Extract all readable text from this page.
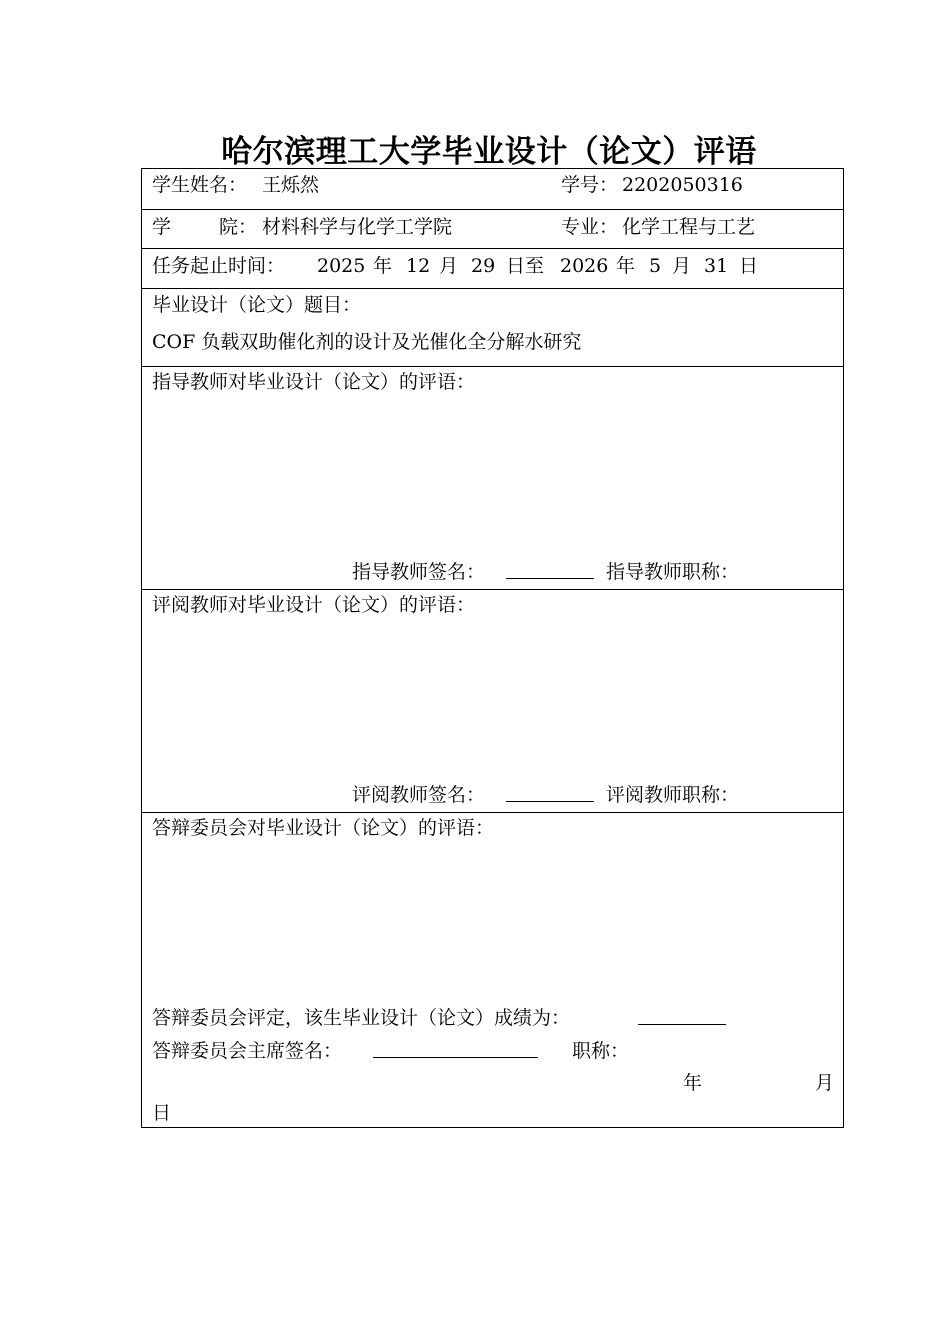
哈尔滨理工大学毕业设计（论文）评语
学生姓名： 王烁然	学号： 2202050316
学	院： 材料科学与化学工学院	专业： 化学工程与工艺
任务起止时间： 2025 年 12 月 29 日至 2026 年 5 月 31 日
毕业设计（论文）题目：
COF 负载双助催化剂的设计及光催化全分解水研究
指导教师对毕业设计（论文）的评语：
指导教师签名：	指导教师职称：
评阅教师对毕业设计（论文）的评语：
评阅教师签名：	评阅教师职称：
答辩委员会对毕业设计（论文）的评语：
答辩委员会评定，该生毕业设计（论文）成绩为：
答辩委员会主席签名：	职称：
年	月
日
